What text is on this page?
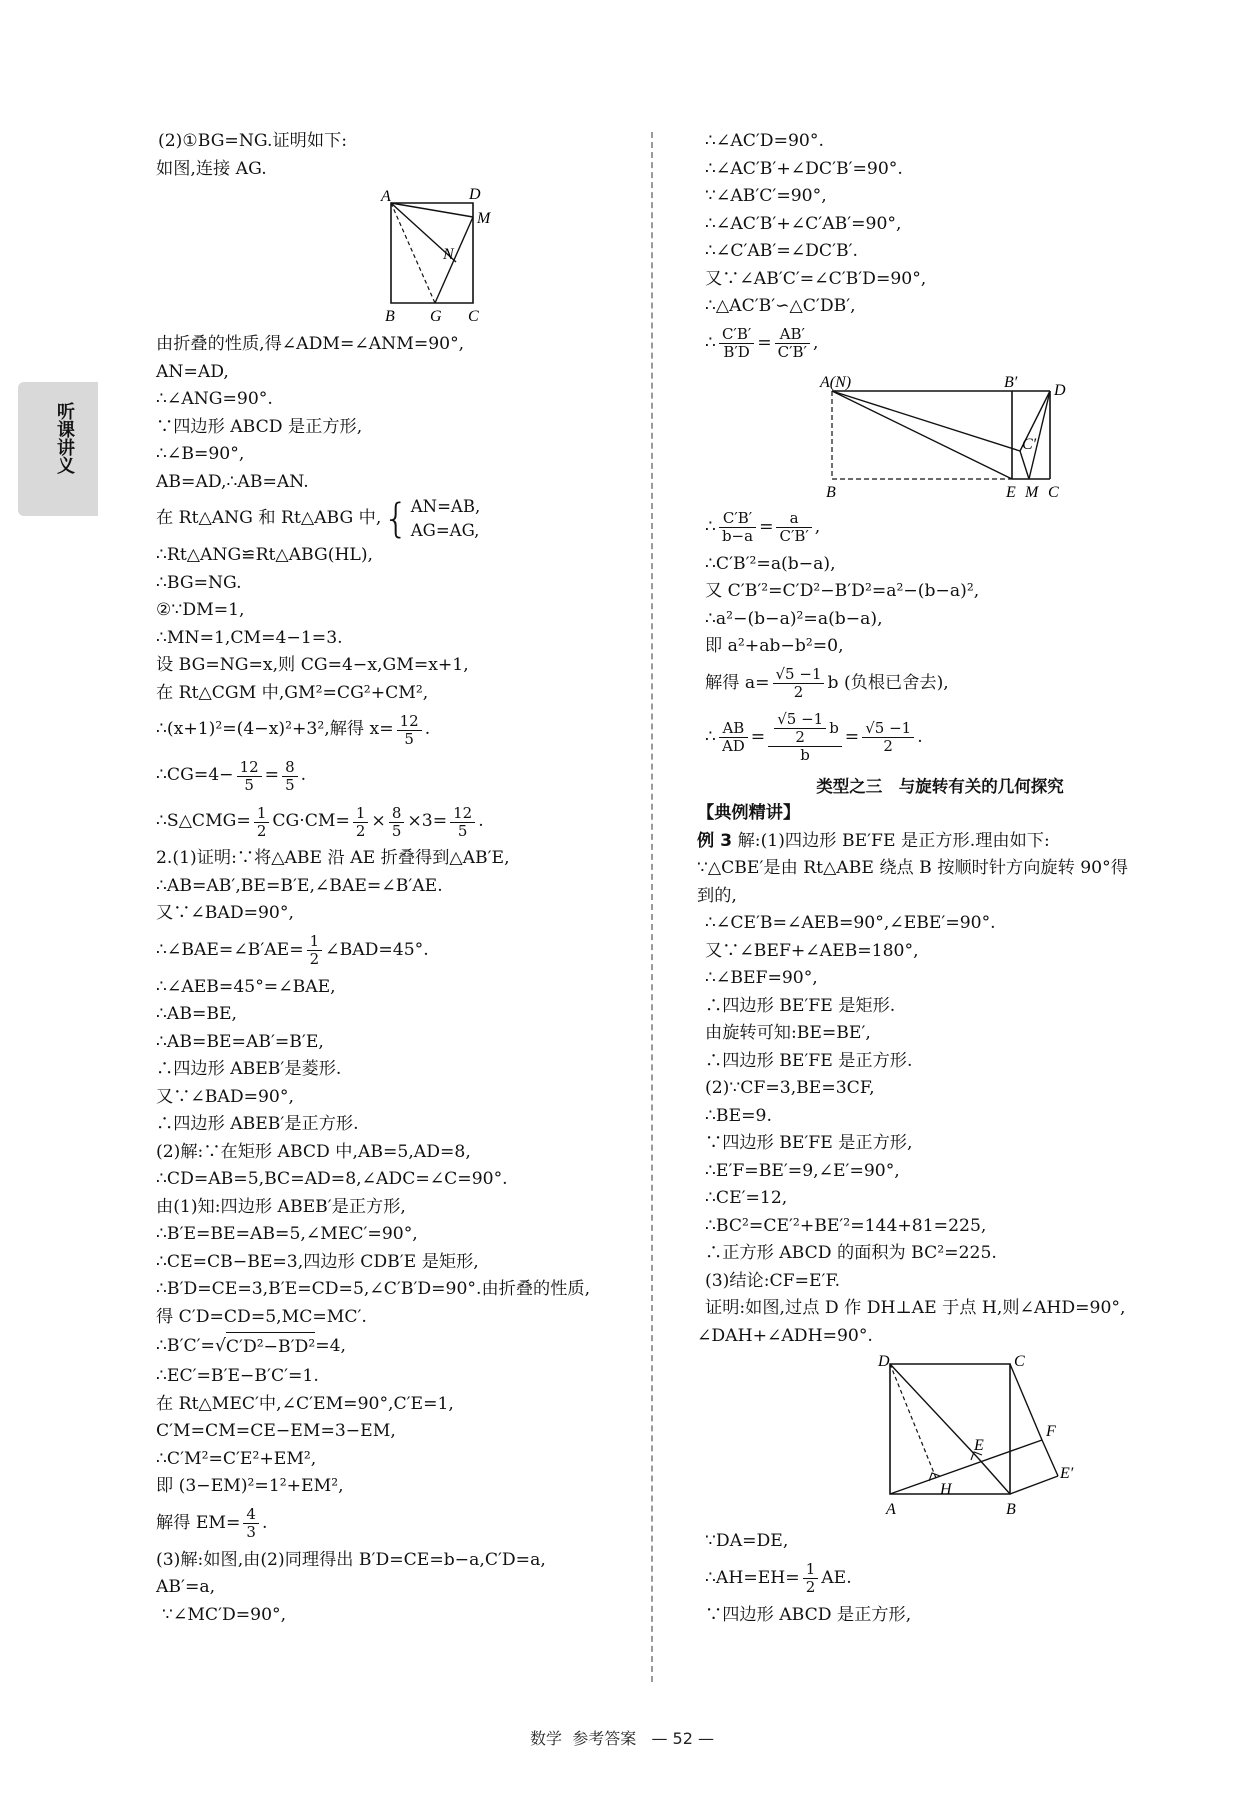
听课讲义
(2)①BG=NG.证明如下:
如图,连接 AG.
A	D
M
N
B G C
由折叠的性质,得∠ADM=∠ANM=90°,
AN=AD,
∴∠ANG=90°.
∵四边形 ABCD 是正方形,
∴∠B=90°,
AB=AD,∴AB=AN.
在 Rt△ANG 和 Rt△ABG 中, { AN=AB,
AG=AG,
∴Rt△ANG≌Rt△ABG(HL),
∴BG=NG.
②∵DM=1,
∴MN=1,CM=4−1=3.
设 BG=NG=x,则 CG=4−x,GM=x+1,
在 Rt△CGM 中,GM²=CG²+CM²,
∴(x+1)²=(4−x)²+3²,解得 $x= \frac{12}{5}$ .
∴CG=4− $\frac{12}{5} = \frac{8}{5}$ .
∴S△CMG= $\frac{1}{2} CG\cdot CM= \frac{1}{2} \times \frac{8}{5} \times 3= \frac{12}{5}$ .
2.(1)证明:∵将△ABE 沿 AE 折叠得到△AB′E,
∴AB=AB′,BE=B′E,∠BAE=∠B′AE.
又∵∠BAD=90°,
∴∠BAE=∠B′AE= $\frac{1}{2}$ ∠BAD=45°.
∴∠AEB=45°=∠BAE,
∴AB=BE,
∴AB=BE=AB′=B′E,
∴四边形 ABEB′是菱形.
又∵∠BAD=90°,
∴四边形 ABEB′是正方形.
(2)解:∵在矩形 ABCD 中,AB=5,AD=8,
∴CD=AB=5,BC=AD=8,∠ADC=∠C=90°.
由(1)知:四边形 ABEB′是正方形,
∴B′E=BE=AB=5,∠MEC′=90°,
∴CE=CB−BE=3,四边形 CDB′E 是矩形,
∴B′D=CE=3,B′E=CD=5,∠C′B′D=90°.由折叠的性质,
得 C′D=CD=5,MC=MC′.
∴B′C′= √ C′D²−B′D² =4,
∴EC′=B′E−B′C′=1.
在 Rt△MEC′中,∠C′EM=90°,C′E=1,
C′M=CM=CE−EM=3−EM,
∴C′M²=C′E²+EM²,
即 (3−EM)²=1²+EM²,
解得 $EM= \frac{4}{3}$ .
(3)解:如图,由(2)同理得出 B′D=CE=b−a,C′D=a,
AB′=a,
∵∠MC′D=90°,
∴∠AC′D=90°.
∴∠AC′B′+∠DC′B′=90°.
∵∠AB′C′=90°,
∴∠AC′B′+∠C′AB′=90°,
∴∠C′AB′=∠DC′B′.
又∵∠AB′C′=∠C′B′D=90°,
∴△AC′B′∽△C′DB′,
∴ $\frac{C'B'}{B'D} = \frac{AB'}{C'B'}$ ,
A(N)	B′ D
C′
B	E M C
∴ $\frac{C'B'}{b-a} = \frac{a}{C'B'}$ ,
∴C′B′²=a(b−a),
又 C′B′²=C′D²−B′D²=a²−(b−a)²,
∴a²−(b−a)²=a(b−a),
即 a²+ab−b²=0,
解得 $a= \frac{√5 -1}{2}$ b (负根已舍去),
∴ $\frac{AB}{AD} = \frac{\frac{√5 -1}{2} b}{b} = \frac{√5 -1}{2}$ .
类型之三　与旋转有关的几何探究
【典例精讲】
例 3 解:(1)四边形 BE′FE 是正方形.理由如下:
∵△CBE′是由 Rt△ABE 绕点 B 按顺时针方向旋转 90°得
到的,
∴∠CE′B=∠AEB=90°,∠EBE′=90°.
又∵∠BEF+∠AEB=180°,
∴∠BEF=90°,
∴四边形 BE′FE 是矩形.
由旋转可知:BE=BE′,
∴四边形 BE′FE 是正方形.
(2)∵CF=3,BE=3CF,
∴BE=9.
∵四边形 BE′FE 是正方形,
∴E′F=BE′=9,∠E′=90°,
∴CE′=12,
∴BC²=CE′²+BE′²=144+81=225,
∴正方形 ABCD 的面积为 BC²=225.
(3)结论:CF=E′F.
证明:如图,过点 D 作 DH⊥AE 于点 H,则∠AHD=90°,
∠DAH+∠ADH=90°.
D	C
F
E
H
E′
A	B
∵DA=DE,
∴AH=EH= $\frac{1}{2}$ AE.
∵四边形 ABCD 是正方形,
数学 参考答案 — 52 —
